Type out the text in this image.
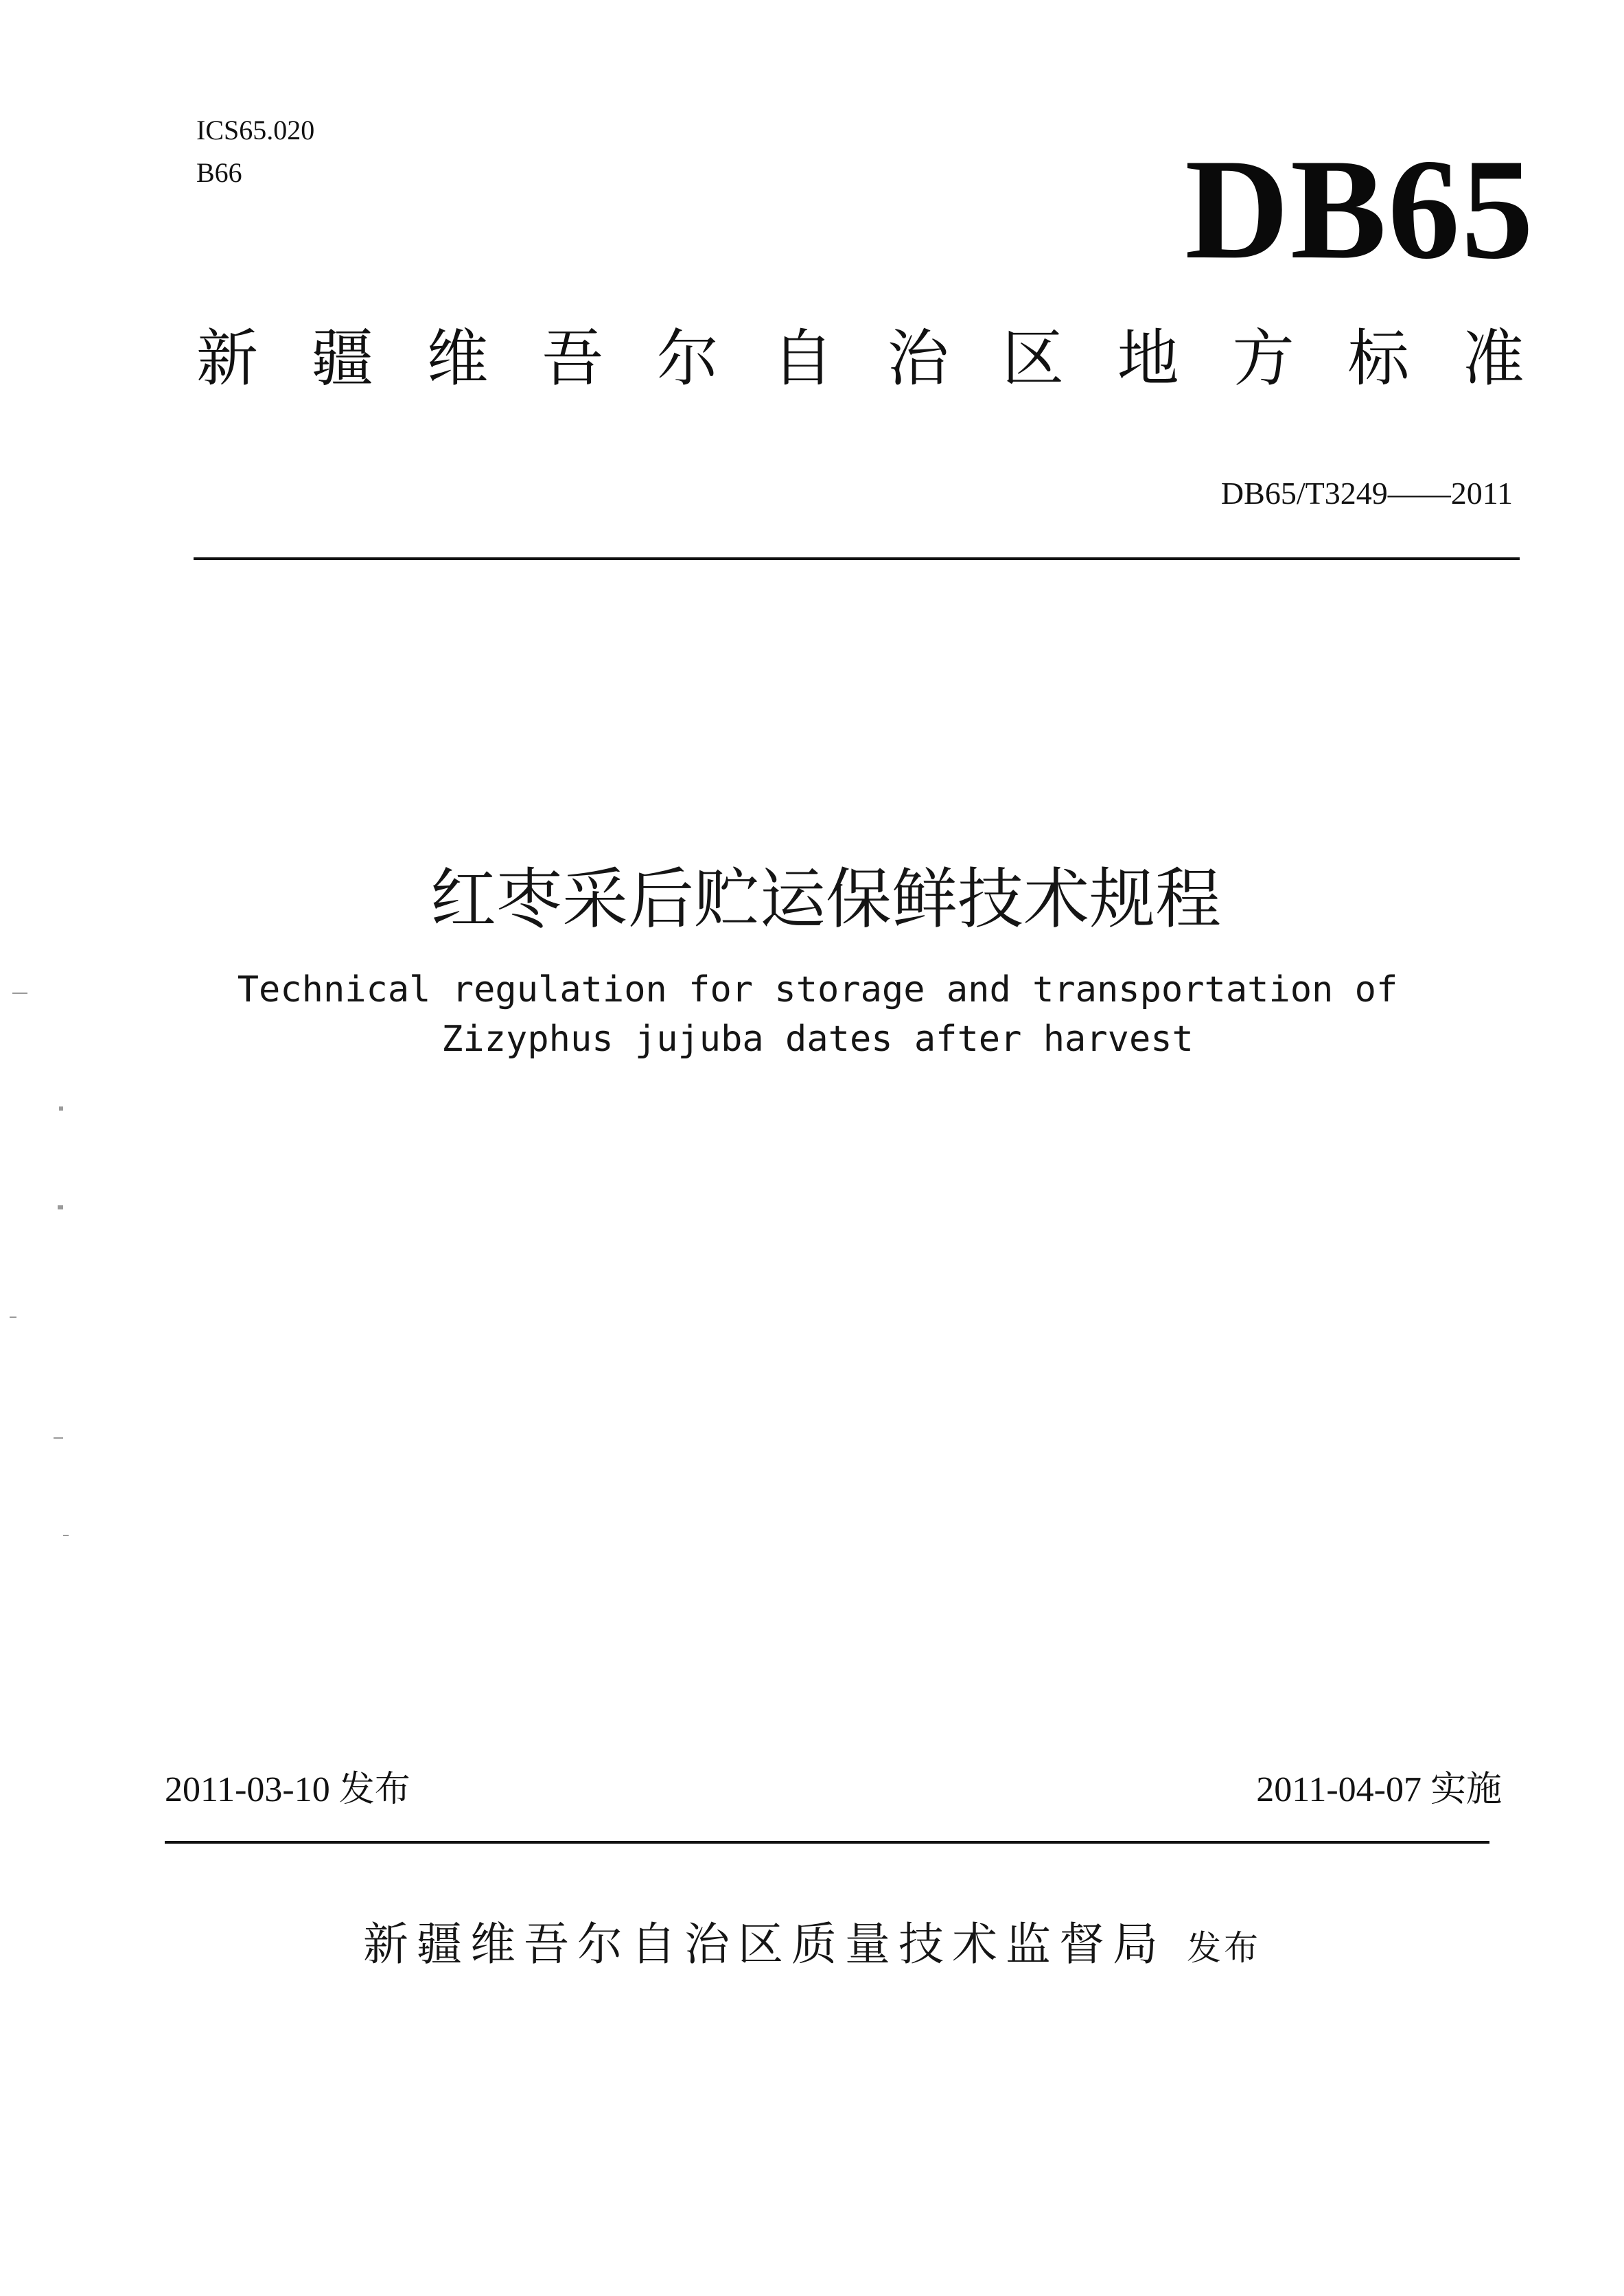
ICS65.020
B66	DB65
新 疆 维 吾 尔 自 治 区 地 方 标 准
DB65/T3249——2011
红枣采后贮运保鲜技术规程
Technical regulation for storage and transportation of
Zizyphus jujuba dates after harvest
2011-03-10 发布	2011-04-07 实施
新疆维吾尔自治区质量技术监督局 发布
